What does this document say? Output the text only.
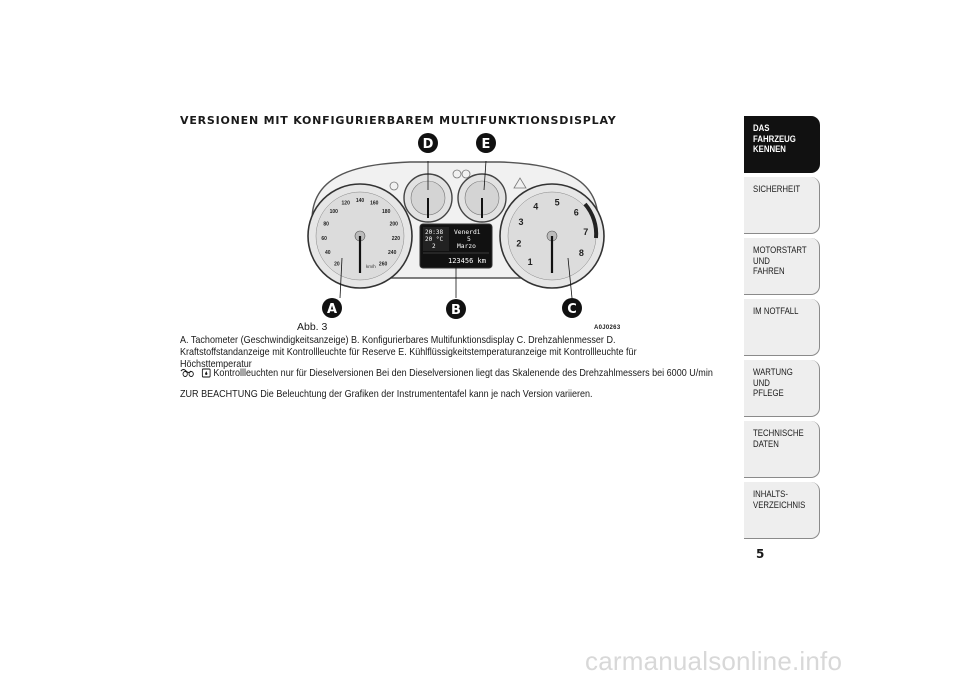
VERSIONEN MIT KONFIGURIERBAREM MULTIFUNKTIONSDISPLAY
20
40
60
80
100
120 140 160
180
200
220
240
260
km/h	1
2
3
4 5
6
7
8
20:38
20 °C
2
Venerdì
5
Marzo
123456 km
D	E
A	B	C
Abb. 3	A0J0263
A. Tachometer (Geschwindigkeitsanzeige) B. Konfigurierbares Multifunktionsdisplay C. Drehzahlenmesser D. Kraftstoffstandanzeige mit Kontrollleuchte für Reserve E. Kühlflüssigkeitstemperaturanzeige mit Kontrollleuchte für Höchsttemperatur
Kontrollleuchten nur für Dieselversionen Bei den Dieselversionen liegt das Skalenende des Drehzahlmessers bei 6000 U/min
ZUR BEACHTUNG Die Beleuchtung der Grafiken der Instrumententafel kann je nach Version variieren.
DAS FAHRZEUG
KENNEN
SICHERHEIT
MOTORSTART UND
FAHREN
IM NOTFALL
WARTUNG UND
PFLEGE
TECHNISCHE DATEN
INHALTS-
VERZEICHNIS
5
carmanualsonline.info
